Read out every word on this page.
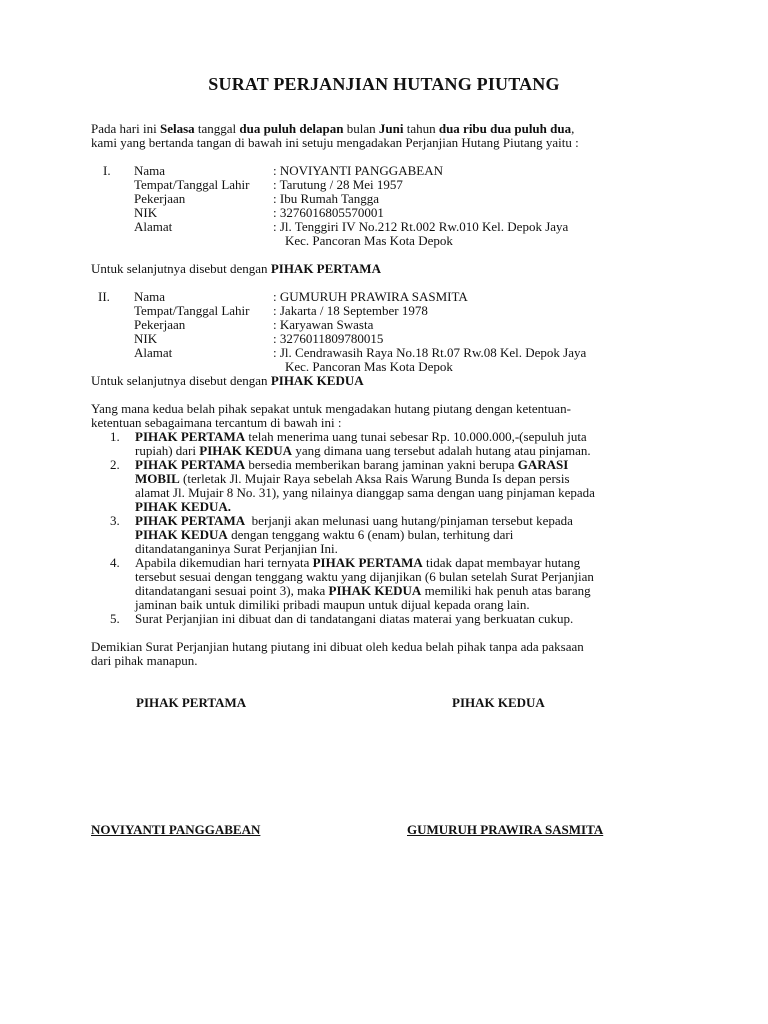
SURAT PERJANJIAN HUTANG PIUTANG
Pada hari ini Selasa tanggal dua puluh delapan bulan Juni tahun dua ribu dua puluh dua,
kami yang bertanda tangan di bawah ini setuju mengadakan Perjanjian Hutang Piutang yaitu :
I. Nama	: NOVIYANTI PANGGABEAN
Tempat/Tanggal Lahir : Tarutung / 28 Mei 1957
Pekerjaan	: Ibu Rumah Tangga
NIK	: 3276016805570001
Alamat	: Jl. Tenggiri IV No.212 Rt.002 Rw.010 Kel. Depok Jaya
Kec. Pancoran Mas Kota Depok
Untuk selanjutnya disebut dengan PIHAK PERTAMA
II. Nama	: GUMURUH PRAWIRA SASMITA
Tempat/Tanggal Lahir : Jakarta / 18 September 1978
Pekerjaan	: Karyawan Swasta
NIK	: 3276011809780015
Alamat	: Jl. Cendrawasih Raya No.18 Rt.07 Rw.08 Kel. Depok Jaya
Kec. Pancoran Mas Kota Depok
Untuk selanjutnya disebut dengan PIHAK KEDUA
Yang mana kedua belah pihak sepakat untuk mengadakan hutang piutang dengan ketentuan-
ketentuan sebagaimana tercantum di bawah ini :
1. PIHAK PERTAMA telah menerima uang tunai sebesar Rp. 10.000.000,-(sepuluh juta
rupiah) dari PIHAK KEDUA yang dimana uang tersebut adalah hutang atau pinjaman.
2. PIHAK PERTAMA bersedia memberikan barang jaminan yakni berupa GARASI
MOBIL (terletak Jl. Mujair Raya sebelah Aksa Rais Warung Bunda Is depan persis
alamat Jl. Mujair 8 No. 31), yang nilainya dianggap sama dengan uang pinjaman kepada
PIHAK KEDUA.
3. PIHAK PERTAMA  berjanji akan melunasi uang hutang/pinjaman tersebut kepada
PIHAK KEDUA dengan tenggang waktu 6 (enam) bulan, terhitung dari
ditandatanganinya Surat Perjanjian Ini.
4. Apabila dikemudian hari ternyata PIHAK PERTAMA tidak dapat membayar hutang
tersebut sesuai dengan tenggang waktu yang dijanjikan (6 bulan setelah Surat Perjanjian
ditandatangani sesuai point 3), maka PIHAK KEDUA memiliki hak penuh atas barang
jaminan baik untuk dimiliki pribadi maupun untuk dijual kepada orang lain.
5. Surat Perjanjian ini dibuat dan di tandatangani diatas materai yang berkuatan cukup.
Demikian Surat Perjanjian hutang piutang ini dibuat oleh kedua belah pihak tanpa ada paksaan
dari pihak manapun.
PIHAK PERTAMA	PIHAK KEDUA
NOVIYANTI PANGGABEAN	GUMURUH PRAWIRA SASMITA
